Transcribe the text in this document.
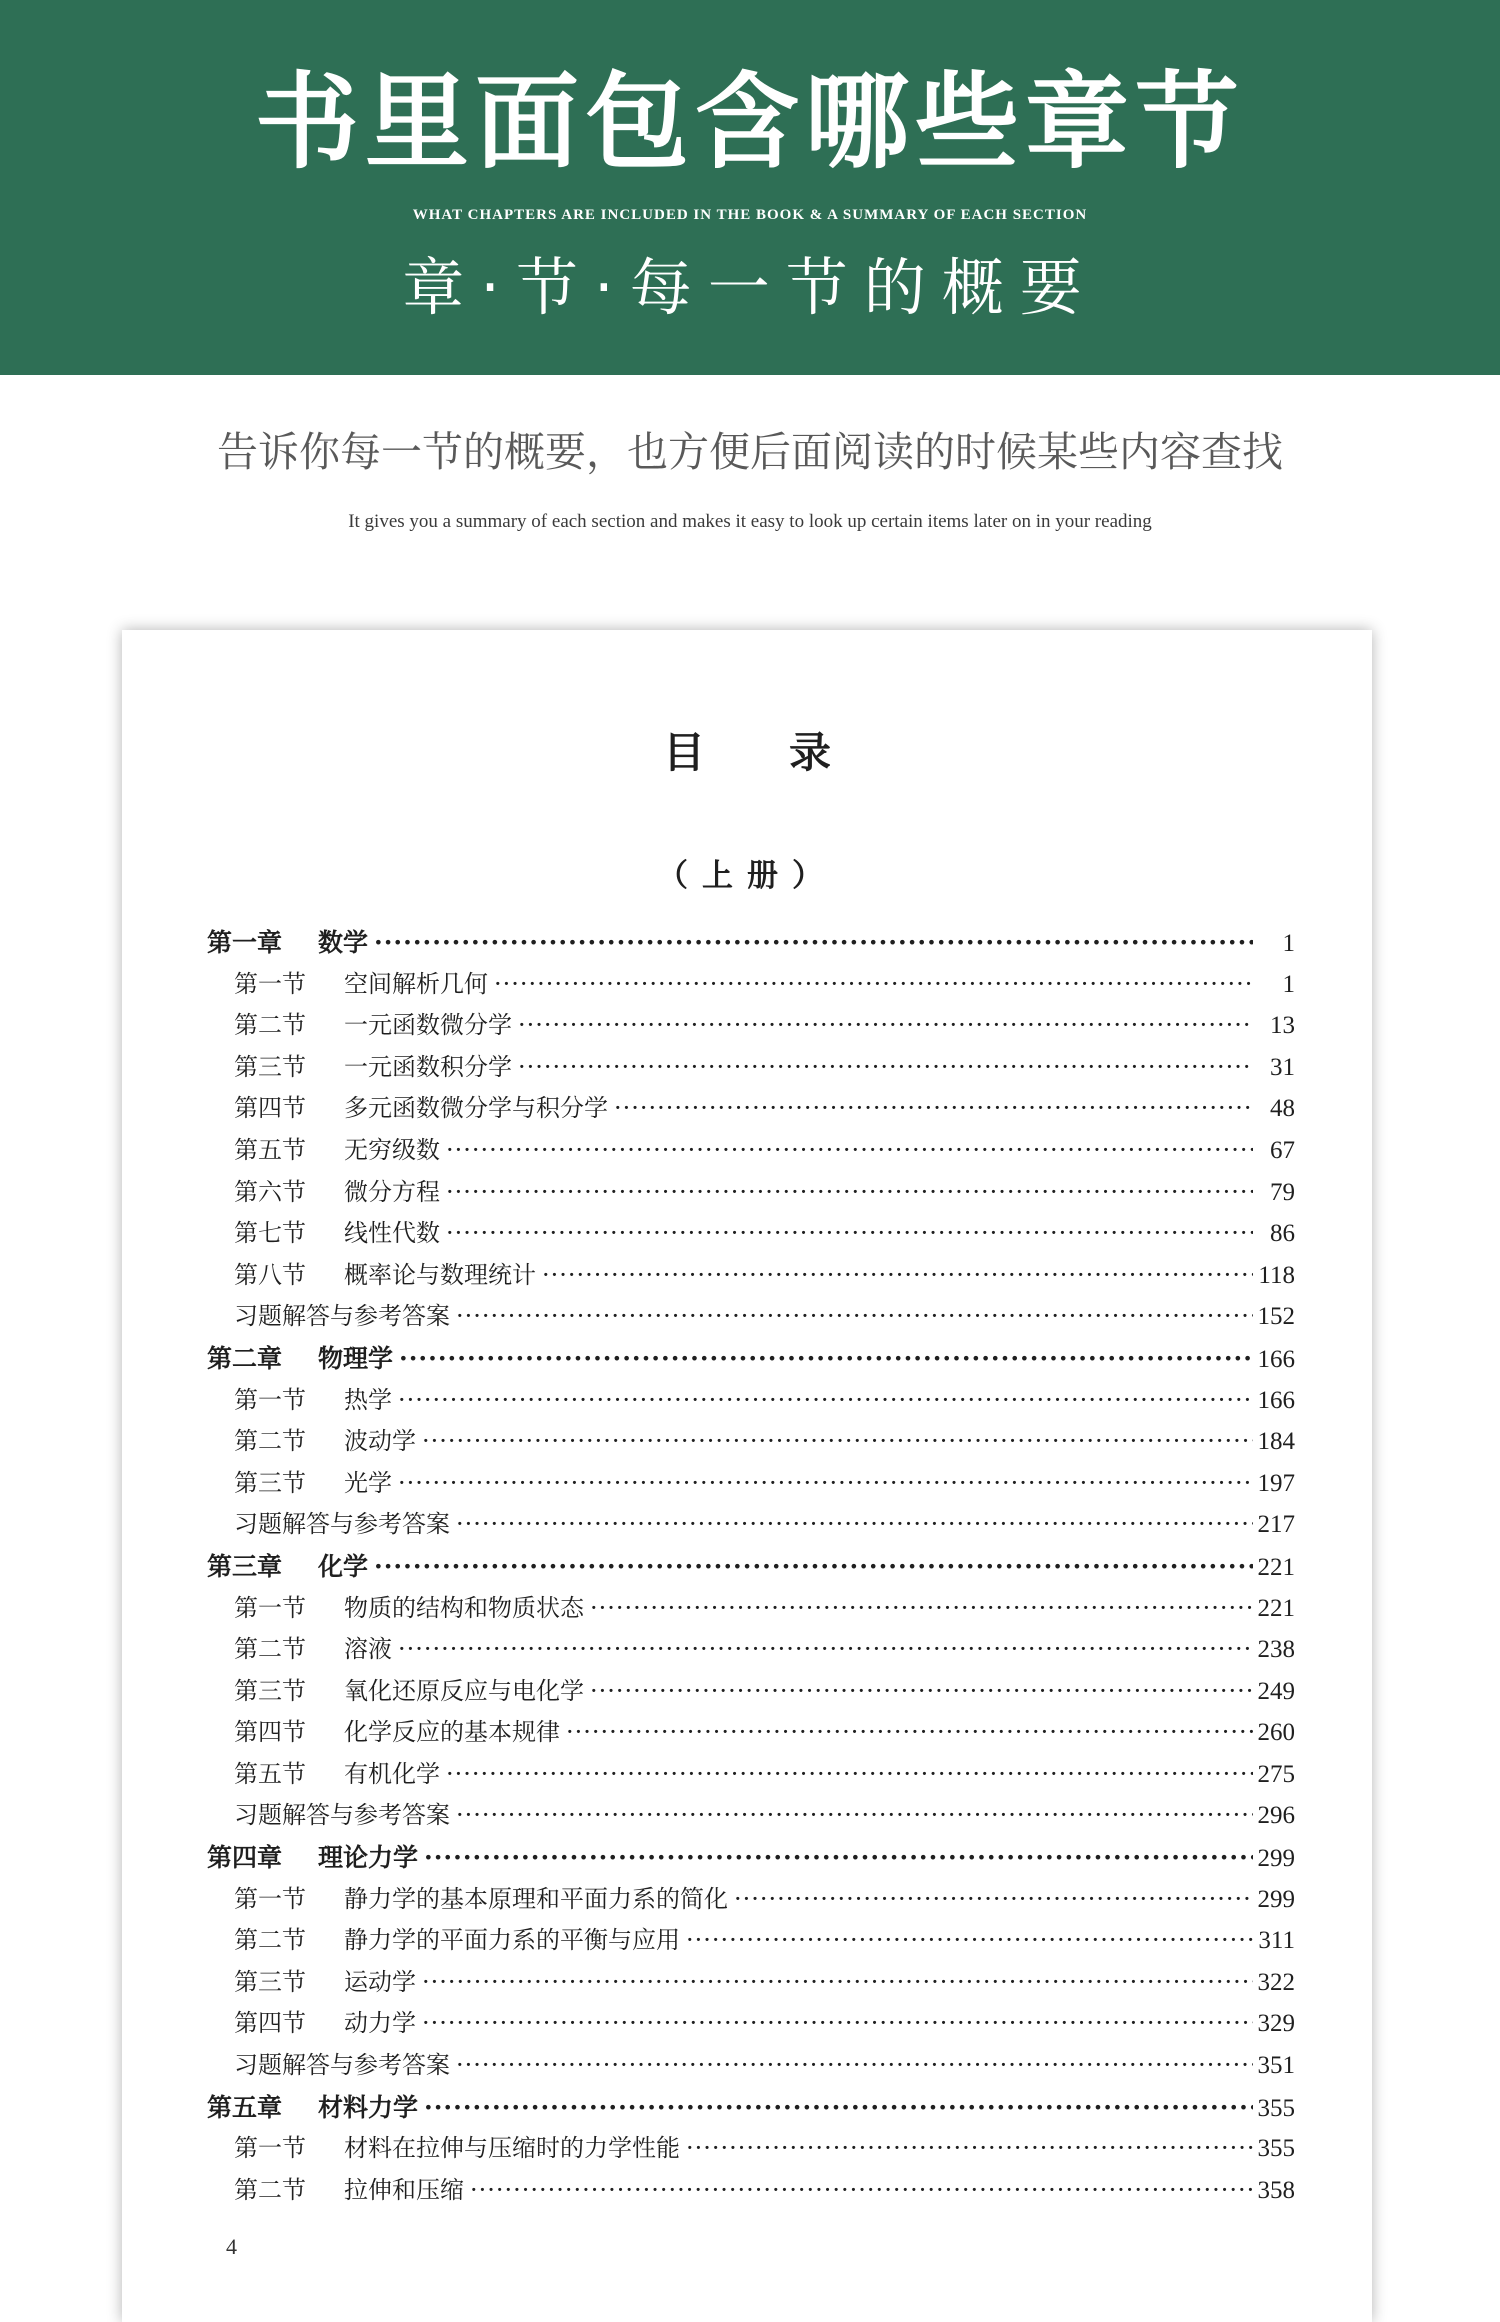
书里面包含哪些章节
WHAT CHAPTERS ARE INCLUDED IN THE BOOK & A SUMMARY OF EACH SECTION
章·节·每一节的概要
告诉你每一节的概要，也方便后面阅读的时候某些内容查找
It gives you a summary of each section and makes it easy to look up certain items later on in your reading
目录
（上册）
第一章	数学 ·····	1
第一节	空间解析几何 ·····	1
第二节	一元函数微分学 ·····	13
第三节	一元函数积分学 ·····	31
第四节	多元函数微分学与积分学 ·····	48
第五节	无穷级数 ·····	67
第六节	微分方程 ·····	79
第七节	线性代数 ·····	86
第八节	概率论与数理统计 ·····	118
习题解答与参考答案 ·····	152
第二章	物理学 ·····	166
第一节	热学 ·····	166
第二节	波动学 ·····	184
第三节	光学 ·····	197
习题解答与参考答案 ·····	217
第三章	化学 ·····	221
第一节	物质的结构和物质状态 ·····	221
第二节	溶液 ·····	238
第三节	氧化还原反应与电化学 ·····	249
第四节	化学反应的基本规律 ·····	260
第五节	有机化学 ·····	275
习题解答与参考答案 ·····	296
第四章	理论力学 ·····	299
第一节	静力学的基本原理和平面力系的简化 ·····	299
第二节	静力学的平面力系的平衡与应用 ·····	311
第三节	运动学 ·····	322
第四节	动力学 ·····	329
习题解答与参考答案 ·····	351
第五章	材料力学 ·····	355
第一节	材料在拉伸与压缩时的力学性能 ·····	355
第二节	拉伸和压缩 ·····	358
4
